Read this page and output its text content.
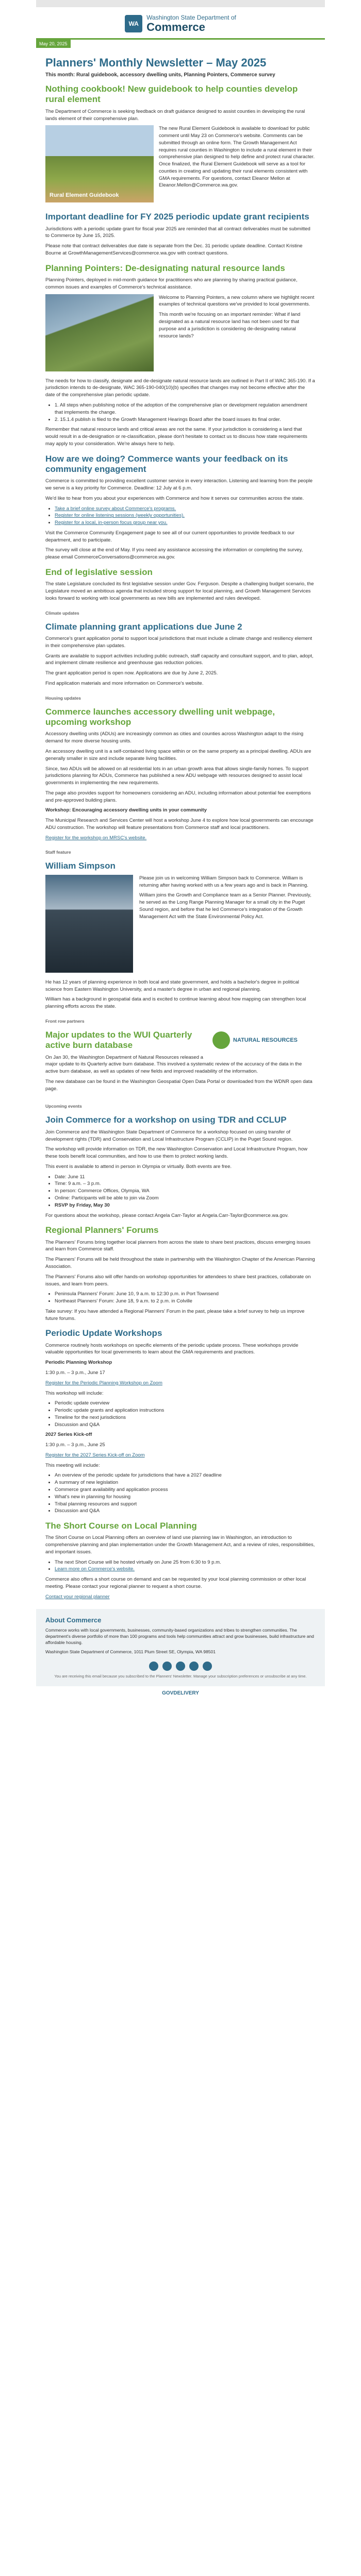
WA
Washington State Department of
Commerce
May 20, 2025
Planners' Monthly Newsletter – May 2025
This month: Rural guidebook, accessory dwelling units, Planning Pointers, Commerce survey
Nothing cookbook! New guidebook to help counties develop rural element

The Department of Commerce is seeking feedback on draft guidance designed to assist counties in developing the rural lands element of their comprehensive plan.

Rural Element Guidebook

The new Rural Element Guidebook is available to download for public comment until May 23 on Commerce's website. Comments can be submitted through an online form. The Growth Management Act requires rural counties in Washington to include a rural element in their comprehensive plan designed to help define and protect rural character. Once finalized, the Rural Element Guidebook will serve as a tool for counties in creating and updating their rural elements consistent with GMA requirements. For questions, contact Eleanor Mellon at Eleanor.Mellon@Commerce.wa.gov.

Important deadline for FY 2025 periodic update grant recipients

Jurisdictions with a periodic update grant for fiscal year 2025 are reminded that all contract deliverables must be submitted to Commerce by June 15, 2025.

Please note that contract deliverables due date is separate from the Dec. 31 periodic update deadline. Contact Kristine Bourne at GrowthManagementServices@commerce.wa.gov with contract questions.

Planning Pointers: De-designating natural resource lands

Planning Pointers, deployed in mid-month guidance for practitioners who are planning by sharing practical guidance, common issues and examples of Commerce's technical assistance.

Welcome to Planning Pointers, a new column where we highlight recent examples of technical questions we've provided to local governments.

This month we're focusing on an important reminder: What if land designated as a natural resource land has not been used for that purpose and a jurisdiction is considering de-designating natural resource lands?

The needs for how to classify, designate and de-designate natural resource lands are outlined in Part II of WAC 365-190. If a jurisdiction intends to de-designate, WAC 365-190-040(10)(b) specifies that changes may not become effective after the date of the comprehensive plan periodic update.

• 1. All steps when publishing notice of the adoption of the comprehensive plan or development regulation amendment that implements the change.
• 2. 15.1.4 publish is filed to the Growth Management Hearings Board after the board issues its final order.

Remember that natural resource lands and critical areas are not the same. If your jurisdiction is considering a land that would result in a de-designation or re-classification, please don't hesitate to contact us to discuss how state requirements may apply to your consideration. We're always here to help.

How are we doing? Commerce wants your feedback on its community engagement

Commerce is committed to providing excellent customer service in every interaction. Listening and learning from the people we serve is a key priority for Commerce. Deadline: 12 July at 6 p.m.

We'd like to hear from you about your experiences with Commerce and how it serves our communities across the state.

• Take a brief online survey about Commerce's programs.
• Register for online listening sessions (weekly opportunities).
• Register for a local, in-person focus group near you.

Visit the Commerce Community Engagement page to see all of our current opportunities to provide feedback to our department, and to participate.

The survey will close at the end of May. If you need any assistance accessing the information or completing the survey, please email CommerceConversations@commerce.wa.gov.

End of legislative session

The state Legislature concluded its first legislative session under Gov. Ferguson. Despite a challenging budget scenario, the Legislature moved an ambitious agenda that included strong support for local planning, and Growth Management Services looks forward to working with local governments as new bills are implemented and rules developed.

Climate updates
Climate planning grant applications due June 2

Commerce's grant application portal to support local jurisdictions that must include a climate change and resiliency element in their comprehensive plan updates.

Grants are available to support activities including public outreach, staff capacity and consultant support, and to plan, adopt, and implement climate resilience and greenhouse gas reduction policies.

The grant application period is open now. Applications are due by June 2, 2025.

Find application materials and more information on Commerce's website.

Housing updates
Commerce launches accessory dwelling unit webpage, upcoming workshop

Accessory dwelling units (ADUs) are increasingly common as cities and counties across Washington adapt to the rising demand for more diverse housing units.

An accessory dwelling unit is a self-contained living space within or on the same property as a principal dwelling. ADUs are generally smaller in size and include separate living facilities.

Since, two ADUs will be allowed on all residential lots in an urban growth area that allows single-family homes. To support jurisdictions planning for ADUs, Commerce has published a new ADU webpage with resources designed to assist local governments in implementing the new requirements.

The page also provides support for homeowners considering an ADU, including information about potential fee exemptions and pre-approved building plans.

Workshop: Encouraging accessory dwelling units in your community

The Municipal Research and Services Center will host a workshop June 4 to explore how local governments can encourage ADU construction. The workshop will feature presentations from Commerce staff and local practitioners.

Register for the workshop on MRSC's website.

Staff feature
William Simpson

Please join us in welcoming William Simpson back to Commerce. William is returning after having worked with us a few years ago and is back in Planning.

William joins the Growth and Compliance team as a Senior Planner. Previously, he served as the Long Range Planning Manager for a small city in the Puget Sound region, and before that he led Commerce's integration of the Growth Management Act with the State Environmental Policy Act.

He has 12 years of planning experience in both local and state government, and holds a bachelor's degree in political science from Eastern Washington University, and a master's degree in urban and regional planning.

William has a background in geospatial data and is excited to continue learning about how mapping can strengthen local planning efforts across the state.

Front row partners
NATURAL RESOURCES
Major updates to the WUI Quarterly active burn database

On Jan 30, the Washington Department of Natural Resources released a major update to its Quarterly active burn database. This involved a systematic review of the accuracy of the data in the active burn database, as well as updates of new fields and improved readability of the information.

The new database can be found in the Washington Geospatial Open Data Portal or downloaded from the WDNR open data page.

Upcoming events
Join Commerce for a workshop on using TDR and CCLUP

Join Commerce and the Washington State Department of Commerce for a workshop focused on using transfer of development rights (TDR) and Conservation and Local Infrastructure Program (CCLIP) in the Puget Sound region.

The workshop will provide information on TDR, the new Washington Conservation and Local Infrastructure Program, how these tools benefit local communities, and how to use them to protect working lands.

This event is available to attend in person in Olympia or virtually. Both events are free.

• Date: June 11
• Time: 9 a.m. – 3 p.m.
• In person: Commerce Offices, Olympia, WA
• Online: Participants will be able to join via Zoom
• RSVP by Friday, May 30

For questions about the workshop, please contact Angela Carr-Taylor at Angela.Carr-Taylor@commerce.wa.gov.

Regional Planners' Forums

The Planners' Forums bring together local planners from across the state to share best practices, discuss emerging issues and learn from Commerce staff.

The Planners' Forums will be held throughout the state in partnership with the Washington Chapter of the American Planning Association.

The Planners' Forums also will offer hands-on workshop opportunities for attendees to share best practices, collaborate on issues, and learn from peers.

• Peninsula Planners' Forum: June 10, 9 a.m. to 12:30 p.m. in Port Townsend
• Northeast Planners' Forum: June 18, 9 a.m. to 2 p.m. in Colville

Take survey: If you have attended a Regional Planners' Forum in the past, please take a brief survey to help us improve future forums.

Periodic Update Workshops

Commerce routinely hosts workshops on specific elements of the periodic update process. These workshops provide valuable opportunities for local governments to learn about the GMA requirements and practices.

Periodic Planning Workshop

1:30 p.m. – 3 p.m., June 17

Register for the Periodic Planning Workshop on Zoom

This workshop will include:

• Periodic update overview
• Periodic update grants and application instructions
• Timeline for the next jurisdictions
• Discussion and Q&A

2027 Series Kick-off

1:30 p.m. – 3 p.m., June 25

Register for the 2027 Series Kick-off on Zoom

This meeting will include:

• An overview of the periodic update for jurisdictions that have a 2027 deadline
• A summary of new legislation
• Commerce grant availability and application process
• What's new in planning for housing
• Tribal planning resources and support
• Discussion and Q&A
The Short Course on Local Planning

The Short Course on Local Planning offers an overview of land use planning law in Washington, an introduction to comprehensive planning and plan implementation under the Growth Management Act, and a review of roles, responsibilities, and important issues.

• The next Short Course will be hosted virtually on June 25 from 6:30 to 9 p.m.
• Learn more on Commerce's website.

Commerce also offers a short course on demand and can be requested by your local planning commission or other local meeting. Please contact your regional planner to request a short course.

Contact your regional planner

About Commerce

Commerce works with local governments, businesses, community-based organizations and tribes to strengthen communities. The department's diverse portfolio of more than 100 programs and tools help communities attract and grow businesses, build infrastructure and affordable housing.

Washington State Department of Commerce, 1011 Plum Street SE, Olympia, WA 98501

You are receiving this email because you subscribed to the Planners' Newsletter. Manage your subscription preferences or unsubscribe at any time.
GOVDELIVERY
